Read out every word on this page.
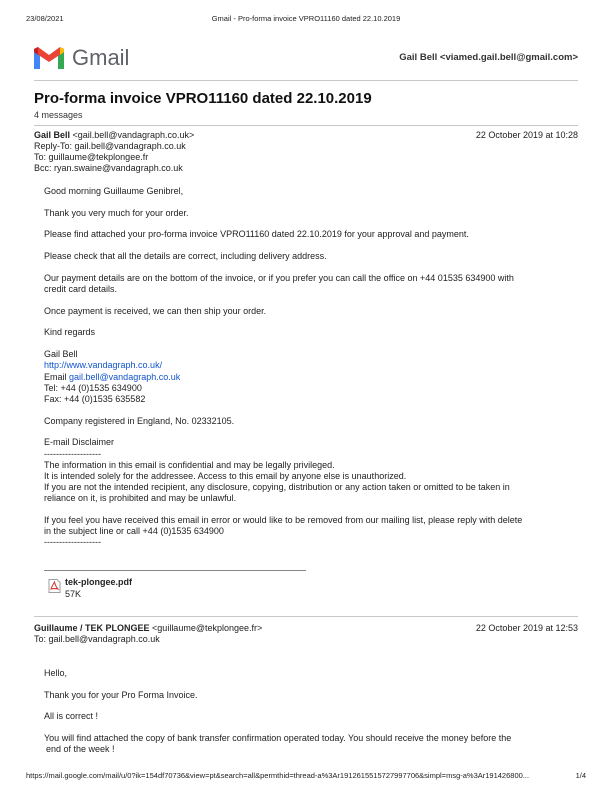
23/08/2021	Gmail - Pro-forma invoice VPRO11160 dated 22.10.2019
Gmail	Gail Bell <viamed.gail.bell@gmail.com>
Pro-forma invoice VPRO11160 dated 22.10.2019
4 messages
Gail Bell <gail.bell@vandagraph.co.uk>
Reply-To: gail.bell@vandagraph.co.uk
To: guillaume@tekplongee.fr
Bcc: ryan.swaine@vandagraph.co.uk
22 October 2019 at 10:28

Good morning Guillaume Genibrel,

Thank you very much for your order.

Please find attached your pro-forma invoice VPRO11160 dated 22.10.2019 for your approval and payment.

Please check that all the details are correct, including delivery address.

Our payment details are on the bottom of the invoice, or if you prefer you can call the office on +44 01535 634900 with
credit card details.

Once payment is received, we can then ship your order.

Kind regards

Gail Bell
http://www.vandagraph.co.uk/
Email gail.bell@vandagraph.co.uk
Tel: +44 (0)1535 634900
Fax: +44 (0)1535 635582

Company registered in England, No. 02332105.

E-mail Disclaimer
-------------------
The information in this email is confidential and may be legally privileged.
It is intended solely for the addressee. Access to this email by anyone else is unauthorized.
If you are not the intended recipient, any disclosure, copying, distribution or any action taken or omitted to be taken in
reliance on it, is prohibited and may be unlawful.

If you feel you have received this email in error or would like to be removed from our mailing list, please reply with delete
in the subject line or call +44 (0)1535 634900
-------------------

tek-plongee.pdf
57K
Guillaume / TEK PLONGEE <guillaume@tekplongee.fr>
To: gail.bell@vandagraph.co.uk
22 October 2019 at 12:53

Hello,

Thank you for your Pro Forma Invoice.

All is correct !

You will find attached the copy of bank transfer confirmation operated today. You should receive the money before the
end of the week !

https://mail.google.com/mail/u/0?ik=154df70736&view=pt&search=all&permthid=thread-a%3Ar1912615515727997706&simpl=msg-a%3Ar191426800...	1/4
